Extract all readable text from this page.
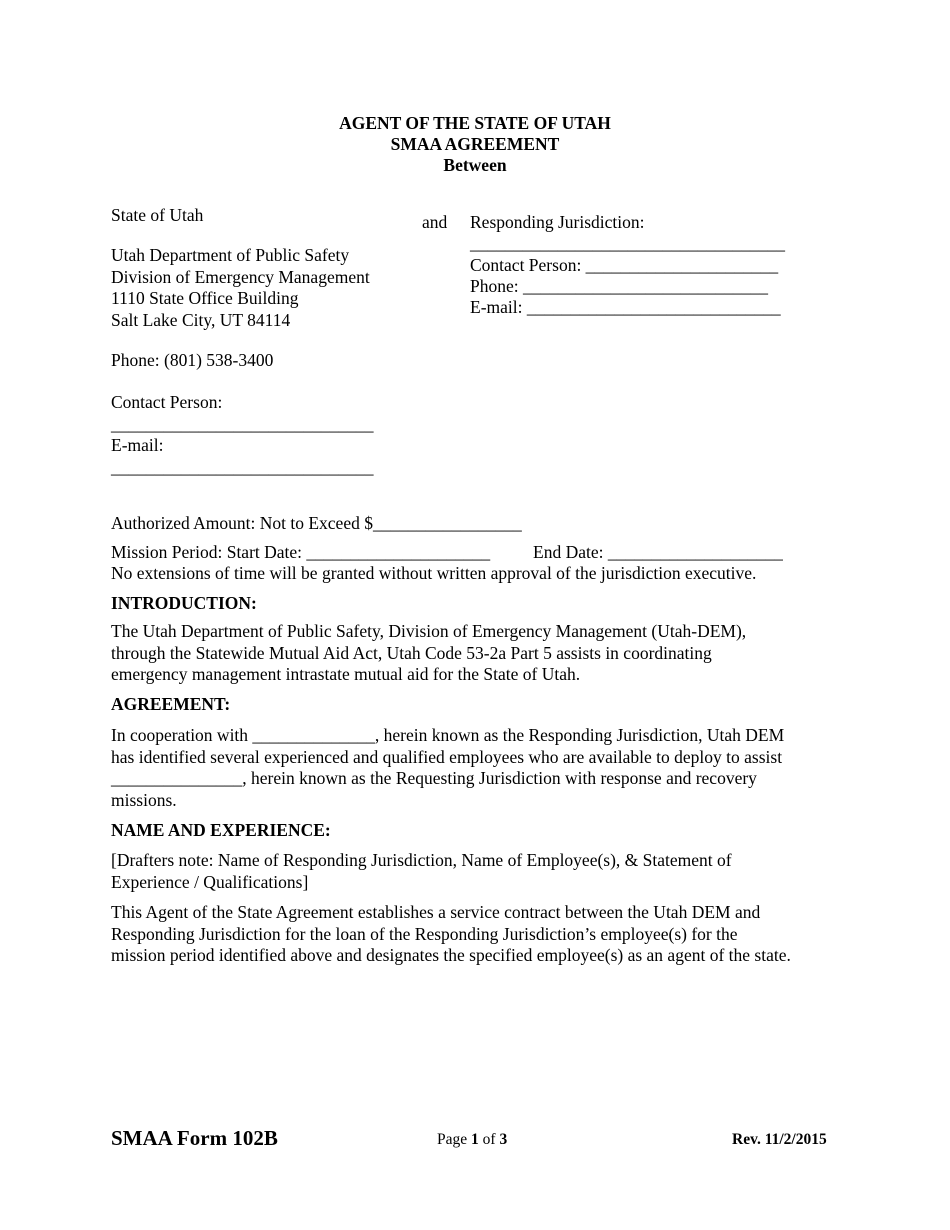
AGENT OF THE STATE OF UTAH
SMAA AGREEMENT
Between
State of Utah
Utah Department of Public Safety
Division of Emergency Management
1110 State Office Building
Salt Lake City, UT 84114
Phone: (801) 538-3400
Contact Person:
______________________________
E-mail:
______________________________
and Responding Jurisdiction:
____________________________________
Contact Person: ______________________
Phone: ____________________________
E-mail: _____________________________
Authorized Amount: Not to Exceed $_________________
Mission Period: Start Date: _____________________ End Date: ____________________
No extensions of time will be granted without written approval of the jurisdiction executive.
INTRODUCTION:
The Utah Department of Public Safety, Division of Emergency Management (Utah-DEM),
through the Statewide Mutual Aid Act, Utah Code 53-2a Part 5 assists in coordinating
emergency management intrastate mutual aid for the State of Utah.
AGREEMENT:
In cooperation with ______________, herein known as the Responding Jurisdiction, Utah DEM
has identified several experienced and qualified employees who are available to deploy to assist
_______________, herein known as the Requesting Jurisdiction with response and recovery
missions.
NAME AND EXPERIENCE:
[Drafters note: Name of Responding Jurisdiction, Name of Employee(s), & Statement of
Experience / Qualifications]
This Agent of the State Agreement establishes a service contract between the Utah DEM and
Responding Jurisdiction for the loan of the Responding Jurisdiction’s employee(s) for the
mission period identified above and designates the specified employee(s) as an agent of the state.
SMAA Form 102B	Page 1 of 3	Rev. 11/2/2015
